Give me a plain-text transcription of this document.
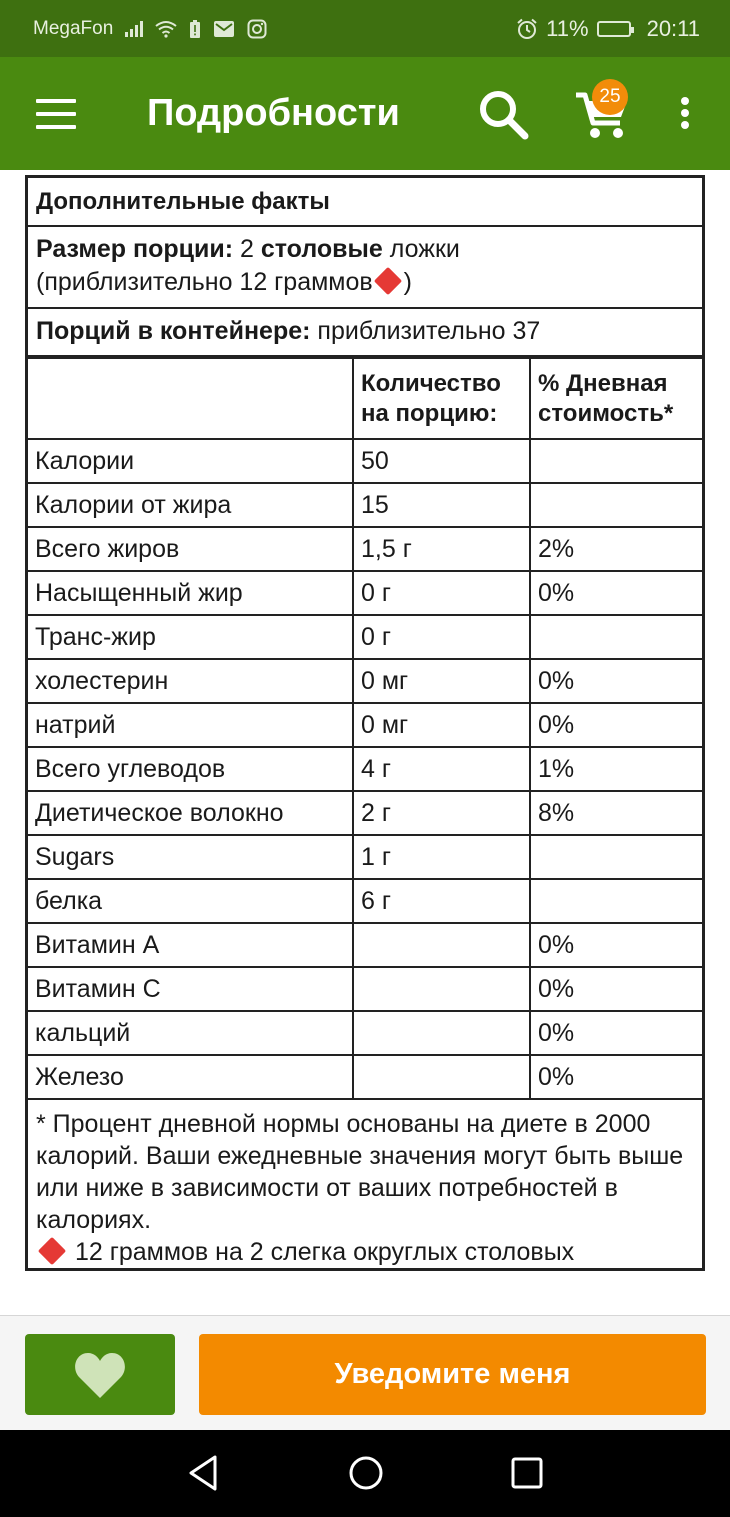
MegaFon	11%	20:11
Подробности	25
Дополнительные факты
Размер порции: 2 столовые ложки
(приблизительно 12 граммов )
Порций в контейнере: приблизительно 37
	Количество на порцию:	% Дневная стоимость*
Калории	50	
Калории от жира	15	
Всего жиров	1,5 г	2%
Насыщенный жир	0 г	0%
Транс-жир	0 г	
холестерин	0 мг	0%
натрий	0 мг	0%
Всего углеводов	4 г	1%
Диетическое волокно	2 г	8%
Sugars	1 г	
белка	6 г	
Витамин А		0%
Витамин С		0%
кальций		0%
Железо		0%
* Процент дневной нормы основаны на диете в 2000 калорий. Ваши ежедневные значения могут быть выше или ниже в зависимости от ваших потребностей в калориях.
12 граммов на 2 слегка округлых столовых
Уведомите меня
